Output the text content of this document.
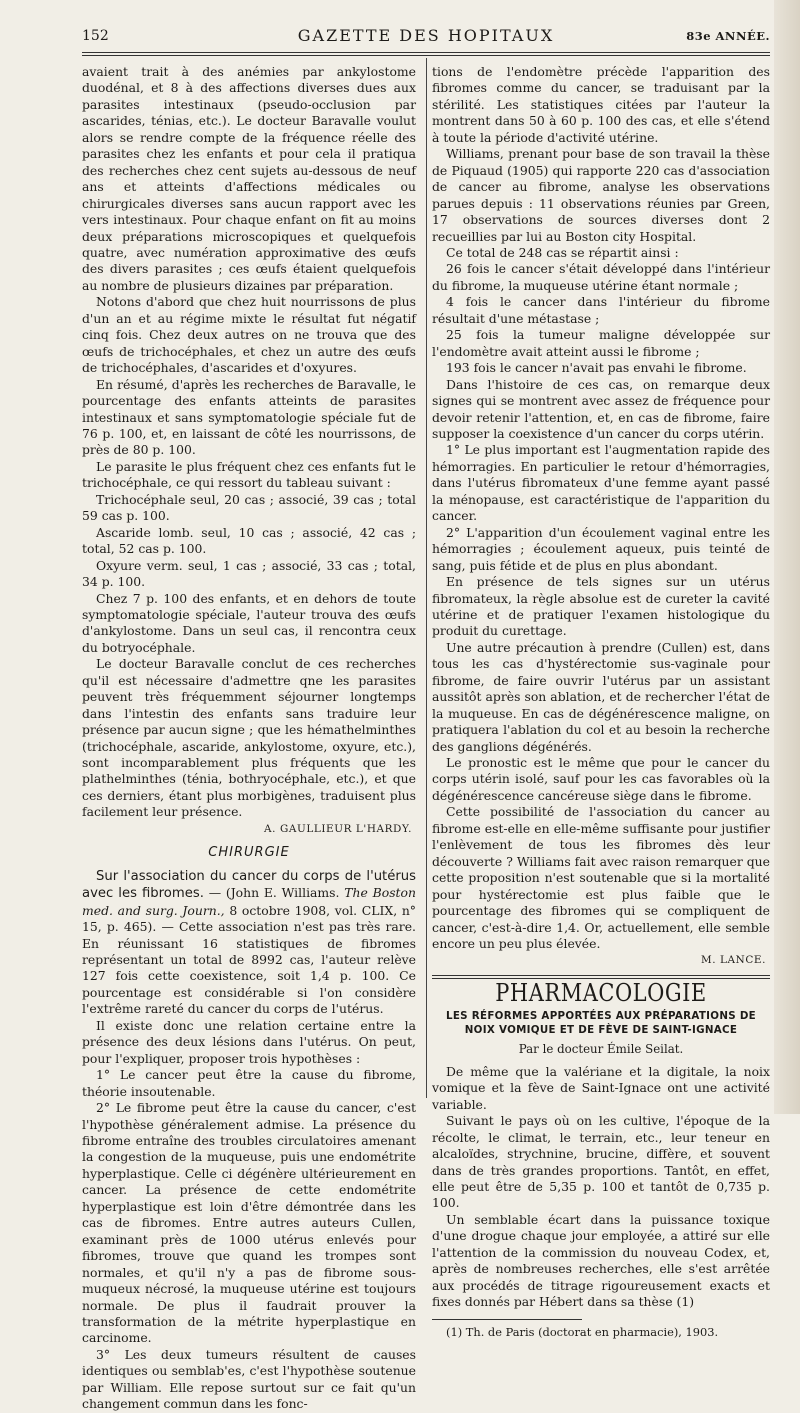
152	GAZETTE DES HOPITAUX	83e ANNÉE.

avaient trait à des anémies par ankylostome duodénal, et 8 à des affections diverses dues aux parasites intestinaux (pseudo-occlusion par ascarides, ténias, etc.). Le docteur Baravalle voulut alors se rendre compte de la fréquence réelle des parasites chez les enfants et pour cela il pratiqua des recherches chez cent sujets au-dessous de neuf ans et atteints d'affections médicales ou chirurgicales diverses sans aucun rapport avec les vers intestinaux. Pour chaque enfant on fit au moins deux préparations microscopiques et quelquefois quatre, avec numération approximative des œufs des divers parasites ; ces œufs étaient quelquefois au nombre de plusieurs dizaines par préparation.

Notons d'abord que chez huit nourrissons de plus d'un an et au régime mixte le résultat fut négatif cinq fois. Chez deux autres on ne trouva que des œufs de trichocéphales, et chez un autre des œufs de trichocéphales, d'ascarides et d'oxyures.

En résumé, d'après les recherches de Baravalle, le pourcentage des enfants atteints de parasites intestinaux et sans symptomatologie spéciale fut de 76 p. 100, et, en laissant de côté les nourrissons, de près de 80 p. 100.

Le parasite le plus fréquent chez ces enfants fut le trichocéphale, ce qui ressort du tableau suivant :

Trichocéphale seul, 20 cas ; associé, 39 cas ; total 59 cas p. 100.

Ascaride lomb. seul, 10 cas ; associé, 42 cas ; total, 52 cas p. 100.

Oxyure verm. seul, 1 cas ; associé, 33 cas ; total, 34 p. 100.

Chez 7 p. 100 des enfants, et en dehors de toute symptomatologie spéciale, l'auteur trouva des œufs d'ankylostome. Dans un seul cas, il rencontra ceux du botryocéphale.

Le docteur Baravalle conclut de ces recherches qu'il est nécessaire d'admettre qne les parasites peuvent très fréquemment séjourner longtemps dans l'intestin des enfants sans traduire leur présence par aucun signe ; que les hémathelminthes (trichocéphale, ascaride, ankylostome, oxyure, etc.), sont incomparablement plus fréquents que les plathelminthes (ténia, bothryocéphale, etc.), et que ces derniers, étant plus morbigènes, traduisent plus facilement leur présence.

A. GAULLIEUR L'HARDY.

CHIRURGIE

Sur l'association du cancer du corps de l'utérus avec les fibromes. — (John E. Williams. The Boston med. and surg. Journ., 8 octobre 1908, vol. CLIX, n° 15, p. 465). — Cette association n'est pas très rare. En réunissant 16 statistiques de fibromes représentant un total de 8992 cas, l'auteur relève 127 fois cette coexistence, soit 1,4 p. 100. Ce pourcentage est considérable si l'on considère l'extrême rareté du cancer du corps de l'utérus.

Il existe donc une relation certaine entre la présence des deux lésions dans l'utérus. On peut, pour l'expliquer, proposer trois hypothèses :

1° Le cancer peut être la cause du fibrome, théorie insoutenable.

2° Le fibrome peut être la cause du cancer, c'est l'hypothèse généralement admise. La présence du fibrome entraîne des troubles circulatoires amenant la congestion de la muqueuse, puis une endométrite hyperplastique. Celle ci dégénère ultérieurement en cancer. La présence de cette endométrite hyperplastique est loin d'être démontrée dans les cas de fibromes. Entre autres auteurs Cullen, examinant près de 1000 utérus enlevés pour fibromes, trouve que quand les trompes sont normales, et qu'il n'y a pas de fibrome sous-muqueux nécrosé, la muqueuse utérine est toujours normale. De plus il faudrait prouver la transformation de la métrite hyperplastique en carcinome.

3° Les deux tumeurs résultent de causes identiques ou semblab'es, c'est l'hypothèse soutenue par William. Elle repose surtout sur ce fait qu'un changement commun dans les fonc-

tions de l'endomètre précède l'apparition des fibromes comme du cancer, se traduisant par la stérilité. Les statistiques citées par l'auteur la montrent dans 50 à 60 p. 100 des cas, et elle s'étend à toute la période d'activité utérine.

Williams, prenant pour base de son travail la thèse de Piquaud (1905) qui rapporte 220 cas d'association de cancer au fibrome, analyse les observations parues depuis : 11 observations réunies par Green, 17 observations de sources diverses dont 2 recueillies par lui au Boston city Hospital.

Ce total de 248 cas se répartit ainsi :

26 fois le cancer s'était développé dans l'intérieur du fibrome, la muqueuse utérine étant normale ;

4 fois le cancer dans l'intérieur du fibrome résultait d'une métastase ;

25 fois la tumeur maligne développée sur l'endomètre avait atteint aussi le fibrome ;

193 fois le cancer n'avait pas envahi le fibrome.

Dans l'histoire de ces cas, on remarque deux signes qui se montrent avec assez de fréquence pour devoir retenir l'attention, et, en cas de fibrome, faire supposer la coexistence d'un cancer du corps utérin.

1° Le plus important est l'augmentation rapide des hémorragies. En particulier le retour d'hémorragies, dans l'utérus fibromateux d'une femme ayant passé la ménopause, est caractéristique de l'apparition du cancer.

2° L'apparition d'un écoulement vaginal entre les hémorragies ; écoulement aqueux, puis teinté de sang, puis fétide et de plus en plus abondant.

En présence de tels signes sur un utérus fibromateux, la règle absolue est de cureter la cavité utérine et de pratiquer l'examen histologique du produit du curettage.

Une autre précaution à prendre (Cullen) est, dans tous les cas d'hystérectomie sus-vaginale pour fibrome, de faire ouvrir l'utérus par un assistant aussitôt après son ablation, et de rechercher l'état de la muqueuse. En cas de dégénérescence maligne, on pratiquera l'ablation du col et au besoin la recherche des ganglions dégénérés.

Le pronostic est le même que pour le cancer du corps utérin isolé, sauf pour les cas favorables où la dégénérescence cancéreuse siège dans le fibrome.

Cette possibilité de l'association du cancer au fibrome est-elle en elle-même suffisante pour justifier l'enlèvement de tous les fibromes dès leur découverte ? Williams fait avec raison remarquer que cette proposition n'est soutenable que si la mortalité pour hystérectomie est plus faible que le pourcentage des fibromes qui se compliquent de cancer, c'est-à-dire 1,4. Or, actuellement, elle semble encore un peu plus élevée.

M. LANCE.

PHARMACOLOGIE
LES RÉFORMES APPORTÉES AUX PRÉPARATIONS DE NOIX VOMIQUE ET DE FÈVE DE SAINT-IGNACE
Par le docteur Émile Seilat.

De même que la valériane et la digitale, la noix vomique et la fève de Saint-Ignace ont une activité variable.

Suivant le pays où on les cultive, l'époque de la récolte, le climat, le terrain, etc., leur teneur en alcaloïdes, strychnine, brucine, diffère, et souvent dans de très grandes proportions. Tantôt, en effet, elle peut être de 5,35 p. 100 et tantôt de 0,735 p. 100.

Un semblable écart dans la puissance toxique d'une drogue chaque jour employée, a attiré sur elle l'attention de la commission du nouveau Codex, et, après de nombreuses recherches, elle s'est arrêtée aux procédés de titrage rigoureusement exacts et fixes donnés par Hébert dans sa thèse (1)

(1) Th. de Paris (doctorat en pharmacie), 1903.
